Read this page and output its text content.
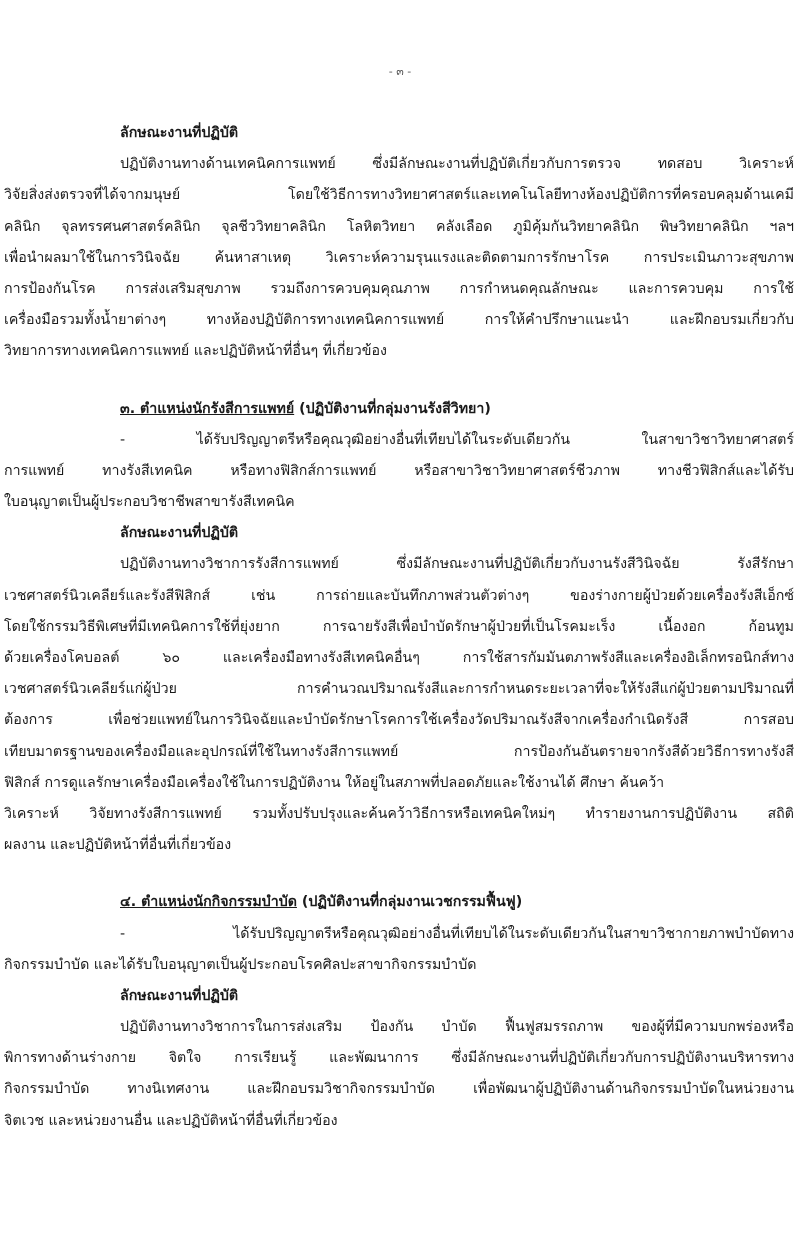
- ๓ -
ลักษณะงานที่ปฏิบัติ
ปฏิบัติงานทางด้านเทคนิคการแพทย์ ซึ่งมีลักษณะงานที่ปฏิบัติเกี่ยวกับการตรวจ ทดสอบ วิเคราะห์
วิจัยสิ่งส่งตรวจที่ได้จากมนุษย์ โดยใช้วิธีการทางวิทยาศาสตร์และเทคโนโลยีทางห้องปฏิบัติการที่ครอบคลุมด้านเคมี
คลินิก จุลทรรศนศาสตร์คลินิก จุลชีววิทยาคลินิก โลหิตวิทยา คลังเลือด ภูมิคุ้มกันวิทยาคลินิก พิษวิทยาคลินิก ฯลฯ
เพื่อนำผลมาใช้ในการวินิจฉัย ค้นหาสาเหตุ วิเคราะห์ความรุนแรงและติดตามการรักษาโรค การประเมินภาวะสุขภาพ
การป้องกันโรค การส่งเสริมสุขภาพ รวมถึงการควบคุมคุณภาพ การกำหนดคุณลักษณะ และการควบคุม การใช้
เครื่องมือรวมทั้งน้ำยาต่างๆ ทางห้องปฏิบัติการทางเทคนิคการแพทย์ การให้คำปรึกษาแนะนำ และฝึกอบรมเกี่ยวกับ
วิทยาการทางเทคนิคการแพทย์ และปฏิบัติหน้าที่อื่นๆ ที่เกี่ยวข้อง
๓. ตำแหน่งนักรังสีการแพทย์ (ปฏิบัติงานที่กลุ่มงานรังสีวิทยา)
- ได้รับปริญญาตรีหรือคุณวุฒิอย่างอื่นที่เทียบได้ในระดับเดียวกัน ในสาขาวิชาวิทยาศาสตร์
การแพทย์ ทางรังสีเทคนิค หรือทางฟิสิกส์การแพทย์ หรือสาขาวิชาวิทยาศาสตร์ชีวภาพ ทางชีวฟิสิกส์และได้รับ
ใบอนุญาตเป็นผู้ประกอบวิชาชีพสาขารังสีเทคนิค
ลักษณะงานที่ปฏิบัติ
ปฏิบัติงานทางวิชาการรังสีการแพทย์ ซึ่งมีลักษณะงานที่ปฏิบัติเกี่ยวกับงานรังสีวินิจฉัย รังสีรักษา
เวชศาสตร์นิวเคลียร์และรังสีฟิสิกส์ เช่น การถ่ายและบันทึกภาพส่วนตัวต่างๆ ของร่างกายผู้ป่วยด้วยเครื่องรังสีเอ็กซ์
โดยใช้กรรมวิธีพิเศษที่มีเทคนิคการใช้ที่ยุ่งยาก การฉายรังสีเพื่อบำบัดรักษาผู้ป่วยที่เป็นโรคมะเร็ง เนื้องอก ก้อนทูม
ด้วยเครื่องโคบอลต์ ๖๐ และเครื่องมือทางรังสีเทคนิคอื่นๆ การใช้สารกัมมันตภาพรังสีและเครื่องอิเล็กทรอนิกส์ทาง
เวชศาสตร์นิวเคลียร์แก่ผู้ป่วย การคำนวณปริมาณรังสีและการกำหนดระยะเวลาที่จะให้รังสีแก่ผู้ป่วยตามปริมาณที่
ต้องการ เพื่อช่วยแพทย์ในการวินิจฉัยและบำบัดรักษาโรคการใช้เครื่องวัดปริมาณรังสีจากเครื่องกำเนิดรังสี การสอบ
เทียบมาตรฐานของเครื่องมือและอุปกรณ์ที่ใช้ในทางรังสีการแพทย์ การป้องกันอันตรายจากรังสีด้วยวิธีการทางรังสี
ฟิสิกส์ การดูแลรักษาเครื่องมือเครื่องใช้ในการปฏิบัติงาน ให้อยู่ในสภาพที่ปลอดภัยและใช้งานได้ ศึกษา ค้นคว้า
วิเคราะห์ วิจัยทางรังสีการแพทย์ รวมทั้งปรับปรุงและค้นคว้าวิธีการหรือเทคนิคใหม่ๆ ทำรายงานการปฏิบัติงาน สถิติ
ผลงาน และปฏิบัติหน้าที่อื่นที่เกี่ยวข้อง
๔. ตำแหน่งนักกิจกรรมบำบัด (ปฏิบัติงานที่กลุ่มงานเวชกรรมฟื้นฟู)
- ได้รับปริญญาตรีหรือคุณวุฒิอย่างอื่นที่เทียบได้ในระดับเดียวกันในสาขาวิชากายภาพบำบัดทาง
กิจกรรมบำบัด และได้รับใบอนุญาตเป็นผู้ประกอบโรคศิลปะสาขากิจกรรมบำบัด
ลักษณะงานที่ปฏิบัติ
ปฏิบัติงานทางวิชาการในการส่งเสริม ป้องกัน บำบัด ฟื้นฟูสมรรถภาพ ของผู้ที่มีความบกพร่องหรือ
พิการทางด้านร่างกาย จิตใจ การเรียนรู้ และพัฒนาการ ซึ่งมีลักษณะงานที่ปฏิบัติเกี่ยวกับการปฏิบัติงานบริหารทาง
กิจกรรมบำบัด ทางนิเทศงาน และฝึกอบรมวิชากิจกรรมบำบัด เพื่อพัฒนาผู้ปฏิบัติงานด้านกิจกรรมบำบัดในหน่วยงาน
จิตเวช และหน่วยงานอื่น และปฏิบัติหน้าที่อื่นที่เกี่ยวข้อง
